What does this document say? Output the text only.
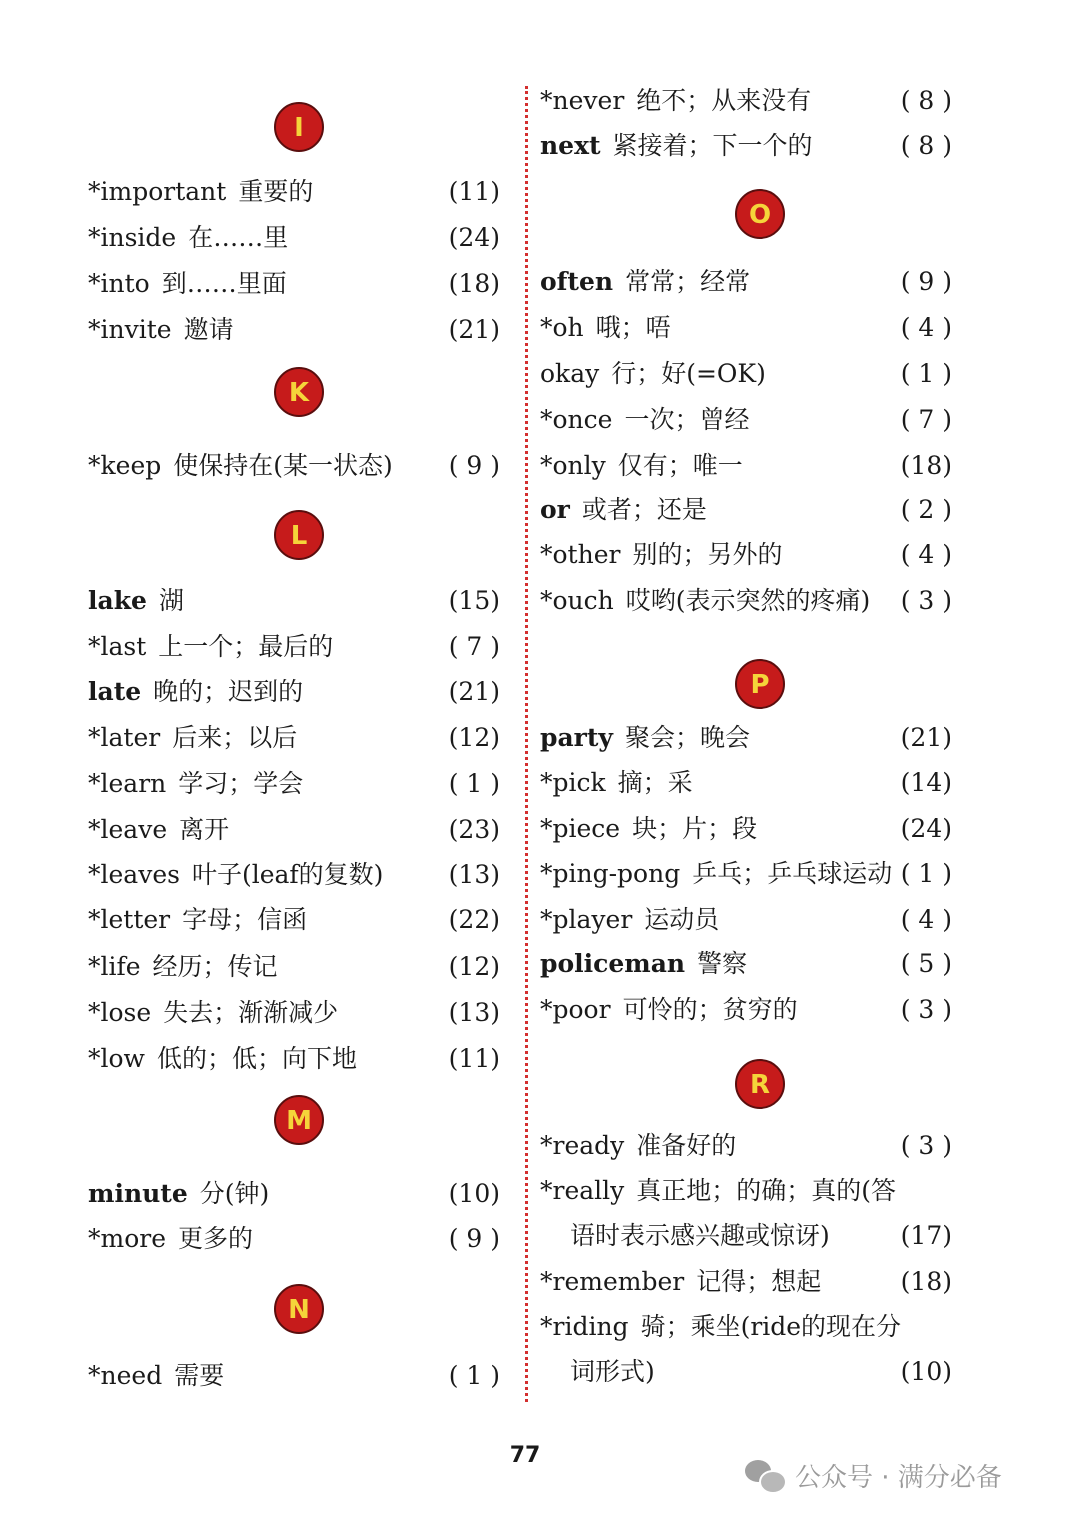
I
*important 重要的	(11)
*inside 在……里	(24)
*into 到……里面	(18)
*invite 邀请	(21)
K
*keep 使保持在(某一状态) ( 9 )
L
lake 湖	(15)
*last 上一个；最后的	( 7 )
late 晚的；迟到的	(21)
*later 后来；以后	(12)
*learn 学习；学会	( 1 )
*leave 离开	(23)
*leaves 叶子(leaf的复数)	(13)
*letter 字母；信函	(22)
*life 经历；传记	(12)
*lose 失去；渐渐减少	(13)
*low 低的；低；向下地	(11)
M
minute 分(钟)	(10)
*more 更多的	( 9 )
N
*need 需要	( 1 )
*never 绝不；从来没有	( 8 )
next 紧接着；下一个的	( 8 )
O
often 常常；经常	( 9 )
*oh 哦；唔	( 4 )
okay 行；好(=OK)	( 1 )
*once 一次；曾经	( 7 )
*only 仅有；唯一	(18)
or 或者；还是	( 2 )
*other 别的；另外的	( 4 )
*ouch 哎哟(表示突然的疼痛) ( 3 )
P
party 聚会；晚会	(21)
*pick 摘；采	(14)
*piece 块；片；段	(24)
*ping-pong 乒乓；乒乓球运动 ( 1 )
*player 运动员	( 4 )
policeman 警察	( 5 )
*poor 可怜的；贫穷的	( 3 )
R
*ready 准备好的	( 3 )
*really 真正地；的确；真的(答
语时表示感兴趣或惊讶)	(17)
*remember 记得；想起	(18)
*riding 骑；乘坐(ride的现在分
词形式)	(10)
77
公众号 · 满分必备
